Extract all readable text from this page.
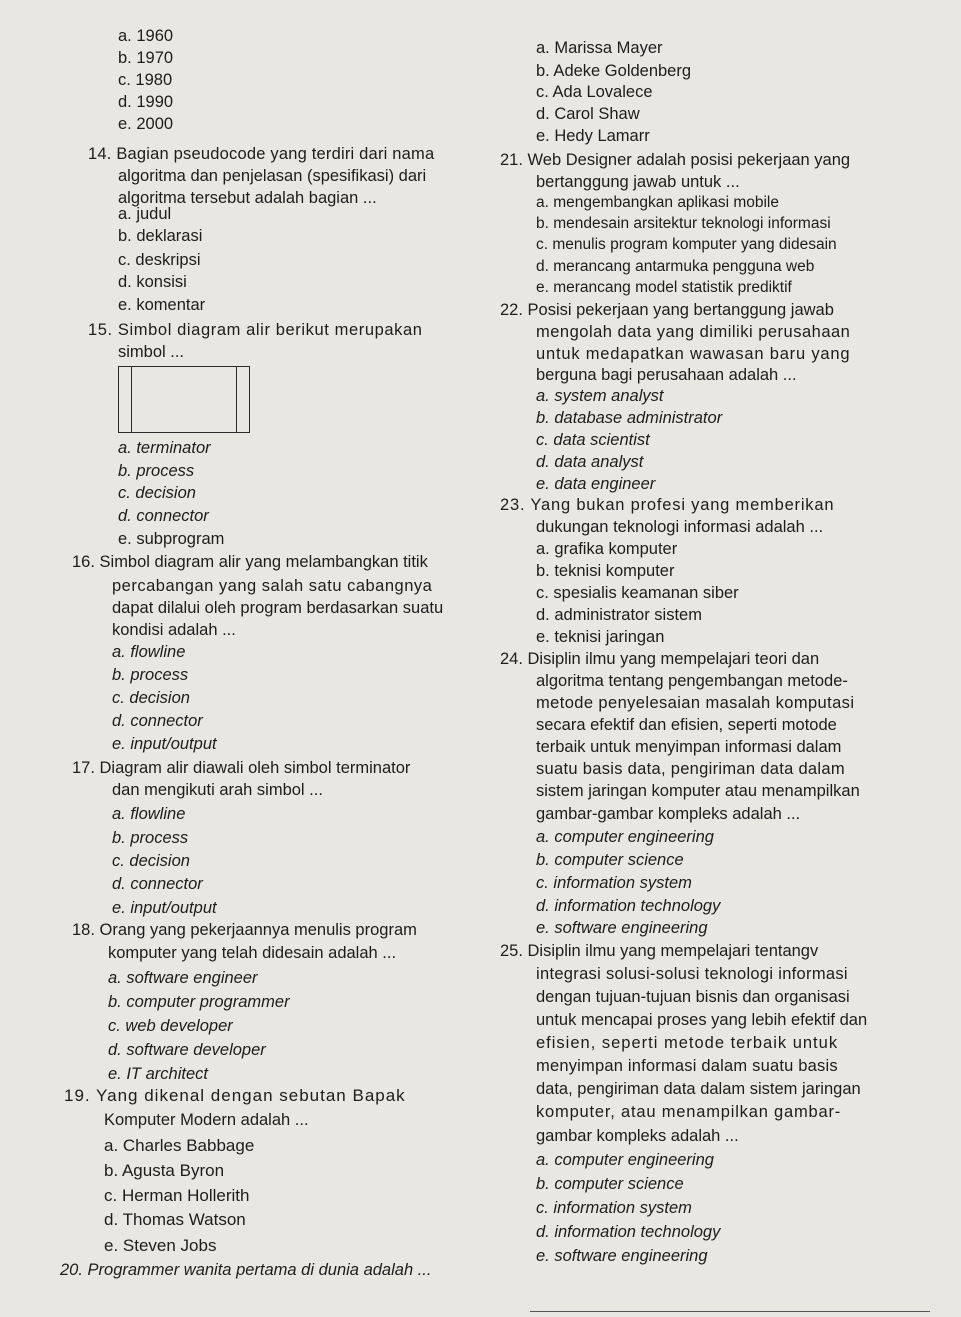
a. 1960
b. 1970
c. 1980
d. 1990
e. 2000
14. Bagian pseudocode yang terdiri dari nama
algoritma dan penjelasan (spesifikasi) dari
algoritma tersebut adalah bagian ...
a. judul
b. deklarasi
c. deskripsi
d. konsisi
e. komentar
15. Simbol diagram alir berikut merupakan
simbol ...
a. terminator
b. process
c. decision
d. connector
e. subprogram
16. Simbol diagram alir yang melambangkan titik
percabangan yang salah satu cabangnya
dapat dilalui oleh program berdasarkan suatu
kondisi adalah ...
a. flowline
b. process
c. decision
d. connector
e. input/output
17. Diagram alir diawali oleh simbol terminator
dan mengikuti arah simbol ...
a. flowline
b. process
c. decision
d. connector
e. input/output
18. Orang yang pekerjaannya menulis program
komputer yang telah didesain adalah ...
a. software engineer
b. computer programmer
c. web developer
d. software developer
e. IT architect
19. Yang dikenal dengan sebutan Bapak
Komputer Modern adalah ...
a. Charles Babbage
b. Agusta Byron
c. Herman Hollerith
d. Thomas Watson
e. Steven Jobs
20. Programmer wanita pertama di dunia adalah ...
a. Marissa Mayer
b. Adeke Goldenberg
c. Ada Lovalece
d. Carol Shaw
e. Hedy Lamarr
21. Web Designer adalah posisi pekerjaan yang
bertanggung jawab untuk ...
a. mengembangkan aplikasi mobile
b. mendesain arsitektur teknologi informasi
c. menulis program komputer yang didesain
d. merancang antarmuka pengguna web
e. merancang model statistik prediktif
22. Posisi pekerjaan yang bertanggung jawab
mengolah data yang dimiliki perusahaan
untuk medapatkan wawasan baru yang
berguna bagi perusahaan adalah ...
a. system analyst
b. database administrator
c. data scientist
d. data analyst
e. data engineer
23. Yang bukan profesi yang memberikan
dukungan teknologi informasi adalah ...
a. grafika komputer
b. teknisi komputer
c. spesialis keamanan siber
d. administrator sistem
e. teknisi jaringan
24. Disiplin ilmu yang mempelajari teori dan
algoritma tentang pengembangan metode-
metode penyelesaian masalah komputasi
secara efektif dan efisien, seperti motode
terbaik untuk menyimpan informasi dalam
suatu basis data, pengiriman data dalam
sistem jaringan komputer atau menampilkan
gambar-gambar kompleks adalah ...
a. computer engineering
b. computer science
c. information system
d. information technology
e. software engineering
25. Disiplin ilmu yang mempelajari tentangv
integrasi solusi-solusi teknologi informasi
dengan tujuan-tujuan bisnis dan organisasi
untuk mencapai proses yang lebih efektif dan
efisien, seperti metode terbaik untuk
menyimpan informasi dalam suatu basis
data, pengiriman data dalam sistem jaringan
komputer, atau menampilkan gambar-
gambar kompleks adalah ...
a. computer engineering
b. computer science
c. information system
d. information technology
e. software engineering
